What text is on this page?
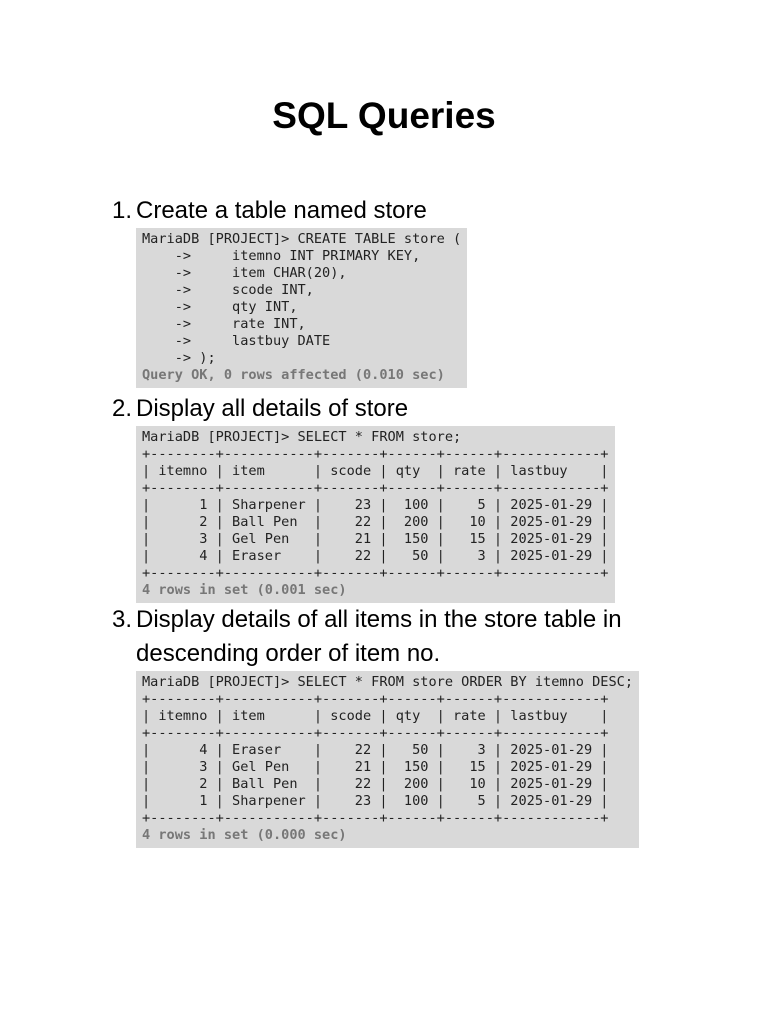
SQL Queries
1. Create a table named store
MariaDB [PROJECT]> CREATE TABLE store (
->     itemno INT PRIMARY KEY,
->     item CHAR(20),
->     scode INT,
->     qty INT,
->     rate INT,
->     lastbuy DATE
-> );
Query OK, 0 rows affected (0.010 sec)
2. Display all details of store
MariaDB [PROJECT]> SELECT * FROM store;
+--------+-----------+-------+------+------+------------+
| itemno | item      | scode | qty  | rate | lastbuy    |
+--------+-----------+-------+------+------+------------+
|      1 | Sharpener |    23 |  100 |    5 | 2025-01-29 |
|      2 | Ball Pen  |    22 |  200 |   10 | 2025-01-29 |
|      3 | Gel Pen   |    21 |  150 |   15 | 2025-01-29 |
|      4 | Eraser    |    22 |   50 |    3 | 2025-01-29 |
+--------+-----------+-------+------+------+------------+
4 rows in set (0.001 sec)
3. Display details of all items in the store table in descending order of item no.
MariaDB [PROJECT]> SELECT * FROM store ORDER BY itemno DESC;
+--------+-----------+-------+------+------+------------+
| itemno | item      | scode | qty  | rate | lastbuy    |
+--------+-----------+-------+------+------+------------+
|      4 | Eraser    |    22 |   50 |    3 | 2025-01-29 |
|      3 | Gel Pen   |    21 |  150 |   15 | 2025-01-29 |
|      2 | Ball Pen  |    22 |  200 |   10 | 2025-01-29 |
|      1 | Sharpener |    23 |  100 |    5 | 2025-01-29 |
+--------+-----------+-------+------+------+------------+
4 rows in set (0.000 sec)
